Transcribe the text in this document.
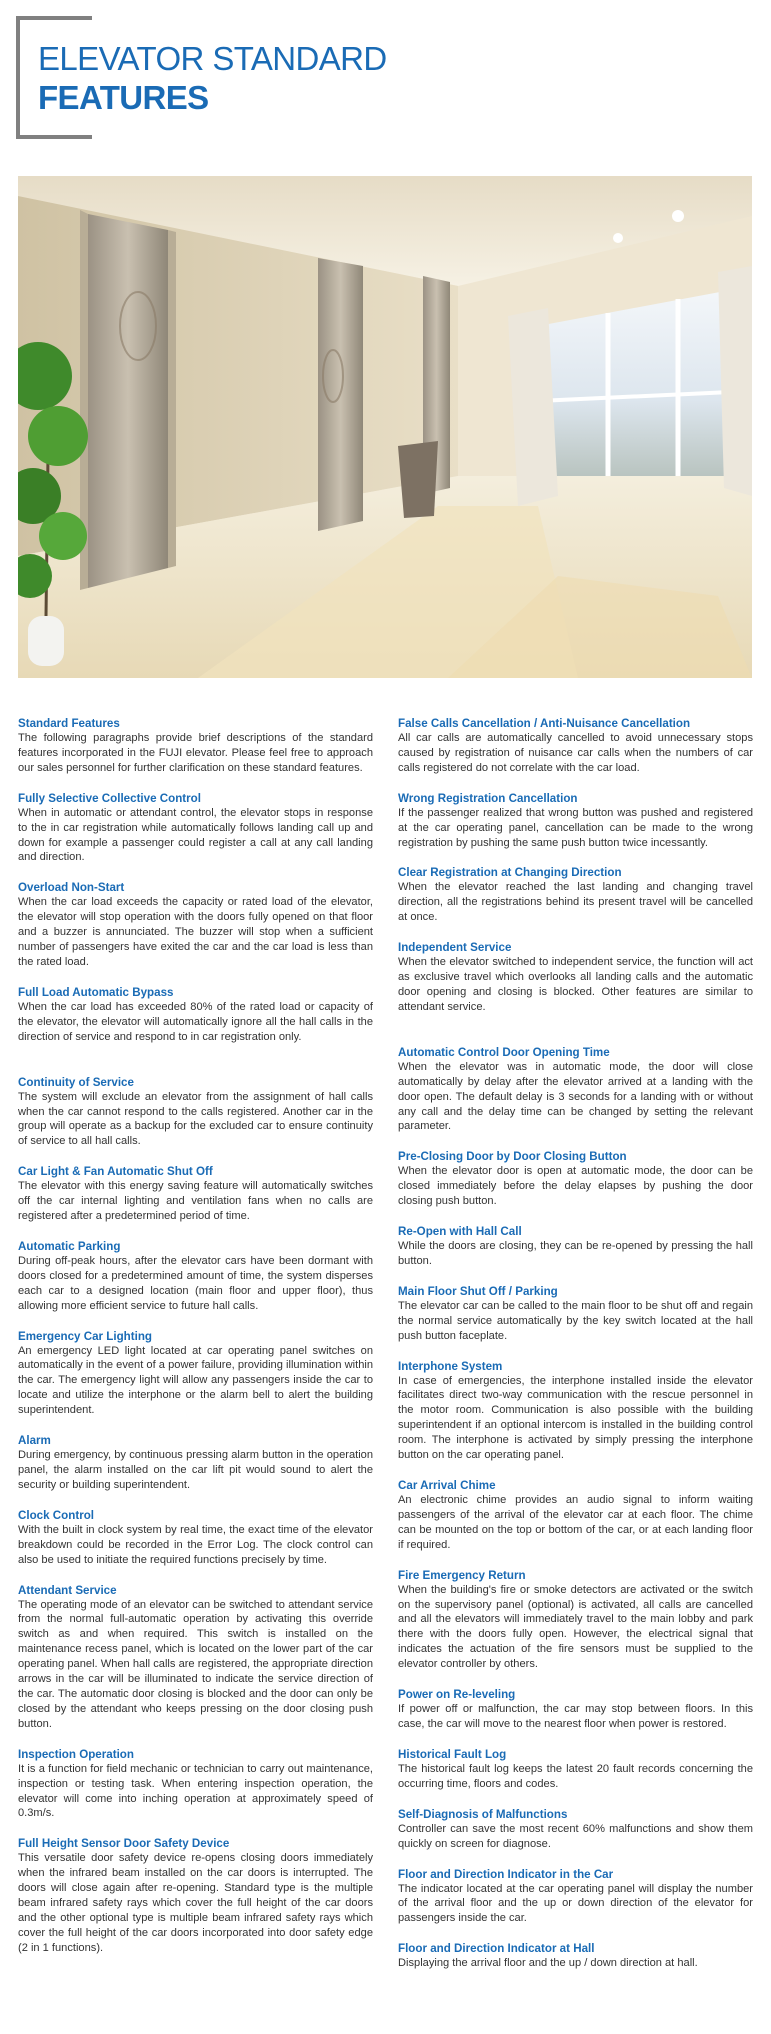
ELEVATOR STANDARD
FEATURES
Standard Features

The following paragraphs provide brief descriptions of the standard features incorporated in the FUJI elevator. Please feel free to approach our sales personnel for further clarification on these standard features.

Fully Selective Collective Control

When in automatic or attendant control, the elevator stops in response to the in car registration while automatically follows landing call up and down for example a passenger could register a call at any call landing and direction.

Overload Non-Start

When the car load exceeds the capacity or rated load of the elevator, the elevator will stop operation with the doors fully opened on that floor and a buzzer is annunciated. The buzzer will stop when a sufficient number of passengers have exited the car and the car load is less than the rated load.

Full Load Automatic Bypass

When the car load has exceeded 80% of the rated load or capacity of the elevator, the elevator will automatically ignore all the hall calls in the direction of service and respond to in car registration only.

Continuity of Service

The system will exclude an elevator from the assignment of hall calls when the car cannot respond to the calls registered. Another car in the group will operate as a backup for the excluded car to ensure continuity of service to all hall calls.

Car Light & Fan Automatic Shut Off

The elevator with this energy saving feature will automatically switches off the car internal lighting and ventilation fans when no calls are registered after a predetermined period of time.

Automatic Parking

During off-peak hours, after the elevator cars have been dormant with doors closed for a predetermined amount of time, the system disperses each car to a designed location (main floor and upper floor), thus allowing more efficient service to future hall calls.

Emergency Car Lighting

An emergency LED light located at car operating panel switches on automatically in the event of a power failure, providing illumination within the car. The emergency light will allow any passengers inside the car to locate and utilize the interphone or the alarm bell to alert the building superintendent.

Alarm

During emergency, by continuous pressing alarm button in the operation panel, the alarm installed on the car lift pit would sound to alert the security or building superintendent.

Clock Control

With the built in clock system by real time, the exact time of the elevator breakdown could be recorded in the Error Log. The clock control can also be used to initiate the required functions precisely by time.

Attendant Service

The operating mode of an elevator can be switched to attendant service from the normal full-automatic operation by activating this override switch as and when required. This switch is installed on the maintenance recess panel, which is located on the lower part of the car operating panel. When hall calls are registered, the appropriate direction arrows in the car will be illuminated to indicate the service direction of the car. The automatic door closing is blocked and the door can only be closed by the attendant who keeps pressing on the door closing push button.

Inspection Operation

It is a function for field mechanic or technician to carry out maintenance, inspection or testing task. When entering inspection operation, the elevator will come into inching operation at approximately speed of 0.3m/s.

Full Height Sensor Door Safety Device

This versatile door safety device re-opens closing doors immediately when the infrared beam installed on the car doors is interrupted. The doors will close again after re-opening. Standard type is the multiple beam infrared safety rays which cover the full height of the car doors and the other optional type is multiple beam infrared safety rays which cover the full height of the car doors incorporated into door safety edge (2 in 1 functions).

False Calls Cancellation / Anti-Nuisance Cancellation

All car calls are automatically cancelled to avoid unnecessary stops caused by registration of nuisance car calls when the numbers of car calls registered do not correlate with the car load.

Wrong Registration Cancellation

If the passenger realized that wrong button was pushed and registered at the car operating panel, cancellation can be made to the wrong registration by pushing the same push button twice incessantly.

Clear Registration at Changing Direction

When the elevator reached the last landing and changing travel direction, all the registrations behind its present travel will be cancelled at once.

Independent Service

When the elevator switched to independent service, the function will act as exclusive travel which overlooks all landing calls and the automatic door opening and closing is blocked. Other features are similar to attendant service.

Automatic Control Door Opening Time

When the elevator was in automatic mode, the door will close automatically by delay after the elevator arrived at a landing with the door open. The default delay is 3 seconds for a landing with or without any call and the delay time can be changed by setting the relevant parameter.

Pre-Closing Door by Door Closing Button

When the elevator door is open at automatic mode, the door can be closed immediately before the delay elapses by pushing the door closing push button.

Re-Open with Hall Call

While the doors are closing, they can be re-opened by pressing the hall button.

Main Floor Shut Off / Parking

The elevator car can be called to the main floor to be shut off and regain the normal service automatically by the key switch located at the hall push button faceplate.

Interphone System

In case of emergencies, the interphone installed inside the elevator facilitates direct two-way communication with the rescue personnel in the motor room. Communication is also possible with the building superintendent if an optional intercom is installed in the building control room. The interphone is activated by simply pressing the interphone button on the car operating panel.

Car Arrival Chime

An electronic chime provides an audio signal to inform waiting passengers of the arrival of the elevator car at each floor. The chime can be mounted on the top or bottom of the car, or at each landing floor if required.

Fire Emergency Return

When the building's fire or smoke detectors are activated or the switch on the supervisory panel (optional) is activated, all calls are cancelled and all the elevators will immediately travel to the main lobby and park there with the doors fully open. However, the electrical signal that indicates the actuation of the fire sensors must be supplied to the elevator controller by others.

Power on Re-leveling

If power off or malfunction, the car may stop between floors. In this case, the car will move to the nearest floor when power is restored.

Historical Fault Log

The historical fault log keeps the latest 20 fault records concerning the occurring time, floors and codes.

Self-Diagnosis of Malfunctions

Controller can save the most recent 60% malfunctions and show them quickly on screen for diagnose.

Floor and Direction Indicator in the Car

The indicator located at the car operating panel will display the number of the arrival floor and the up or down direction of the elevator for passengers inside the car.

Floor and Direction Indicator at Hall

Displaying the arrival floor and the up / down direction at hall.
